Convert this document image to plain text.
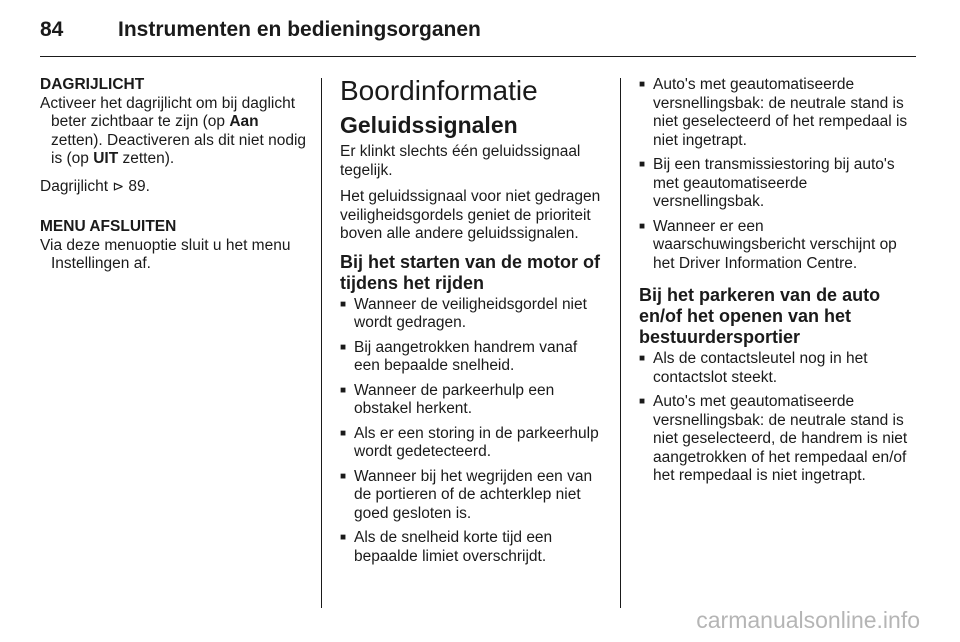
84	Instrumenten en bedieningsorganen
DAGRIJLICHT

Activeer het dagrijlicht om bij daglicht beter zichtbaar te zijn (op Aan zetten). Deactiveren als dit niet nodig is (op UIT zetten).

Dagrijlicht ⊳ 89.

MENU AFSLUITEN

Via deze menuoptie sluit u het menu Instellingen af.

Boordinformatie
Geluidssignalen

Er klinkt slechts één geluidssignaal tegelijk.

Het geluidssignaal voor niet gedragen veiligheidsgordels geniet de prioriteit boven alle andere geluidssignalen.

Bij het starten van de motor of tijdens het rijden
■ Wanneer de veiligheidsgordel niet wordt gedragen.
■ Bij aangetrokken handrem vanaf een bepaalde snelheid.
■ Wanneer de parkeerhulp een obstakel herkent.
■ Als er een storing in de parkeerhulp wordt gedetecteerd.
■ Wanneer bij het wegrijden een van de portieren of de achterklep niet goed gesloten is.
■ Als de snelheid korte tijd een bepaalde limiet overschrijdt.
■ Auto's met geautomatiseerde versnellingsbak: de neutrale stand is niet geselecteerd of het rempedaal is niet ingetrapt.
■ Bij een transmissiestoring bij auto's met geautomatiseerde versnellingsbak.
■ Wanneer er een waarschuwingsbericht verschijnt op het Driver Information Centre.
Bij het parkeren van de auto en/of het openen van het bestuurdersportier
■ Als de contactsleutel nog in het contactslot steekt.
■ Auto's met geautomatiseerde versnellingsbak: de neutrale stand is niet geselecteerd, de handrem is niet aangetrokken of het rempedaal en/of het rempedaal is niet ingetrapt.
carmanualsonline.info
